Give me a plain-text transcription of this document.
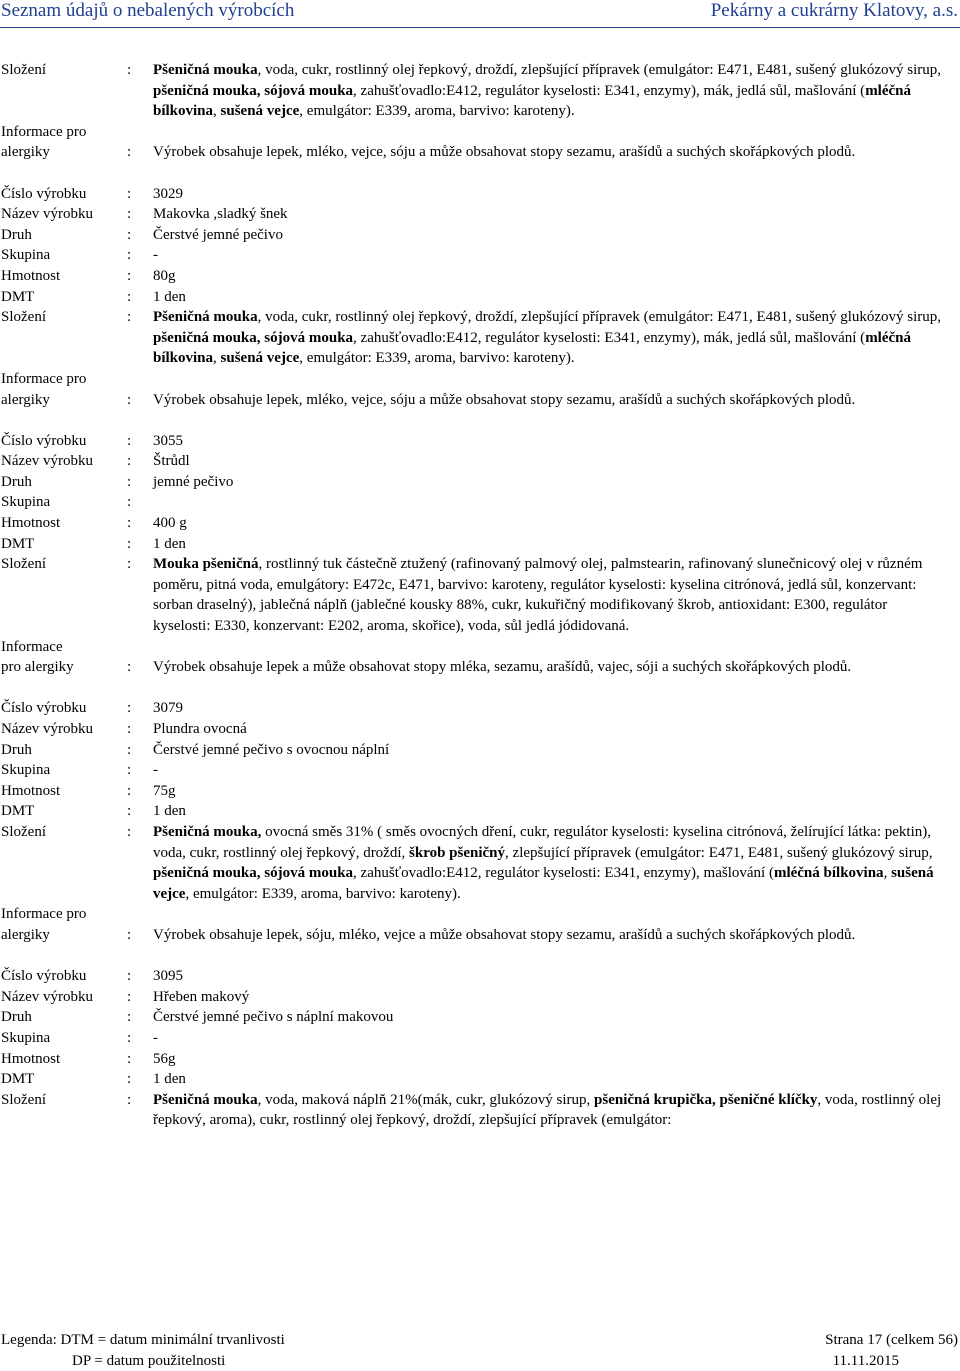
Seznam údajů o nebalených výrobcích	Pekárny a cukrárny Klatovy, a.s.
Složení	: Pšeničná mouka, voda, cukr, rostlinný olej řepkový, droždí, zlepšující přípravek (emulgátor: E471, E481, sušený glukózový sirup, pšeničná mouka, sójová mouka, zahušťovadlo:E412, regulátor kyselosti: E341, enzymy), mák, jedlá sůl, mašlování (mléčná bílkovina, sušená vejce, emulgátor: E339, aroma, barvivo: karoteny).
Informace pro
alergiky	: Výrobek obsahuje lepek, mléko, vejce, sóju a může obsahovat stopy sezamu, arašídů a suchých skořápkových plodů.
Číslo výrobku	: 3029
Název výrobku	: Makovka ,sladký šnek
Druh	: Čerstvé jemné pečivo
Skupina	: -
Hmotnost	: 80g
DMT	: 1 den
Složení	: Pšeničná mouka, voda, cukr, rostlinný olej řepkový, droždí, zlepšující přípravek (emulgátor: E471, E481, sušený glukózový sirup, pšeničná mouka, sójová mouka, zahušťovadlo:E412, regulátor kyselosti: E341, enzymy), mák, jedlá sůl, mašlování (mléčná bílkovina, sušená vejce, emulgátor: E339, aroma, barvivo: karoteny).
Informace pro
alergiky	: Výrobek obsahuje lepek, mléko, vejce, sóju a může obsahovat stopy sezamu, arašídů a suchých skořápkových plodů.
Číslo výrobku	: 3055
Název výrobku	: Štrůdl
Druh	: jemné pečivo
Skupina	:
Hmotnost	: 400 g
DMT	: 1 den
Složení	: Mouka pšeničná, rostlinný tuk částečně ztužený (rafinovaný palmový olej, palmstearin, rafinovaný slunečnicový olej v různém poměru, pitná voda, emulgátory: E472c, E471, barvivo: karoteny, regulátor kyselosti: kyselina citrónová, jedlá sůl, konzervant: sorban draselný), jablečná náplň (jablečné kousky 88%, cukr, kukuřičný modifikovaný škrob, antioxidant: E300, regulátor kyselosti: E330, konzervant: E202, aroma, skořice), voda, sůl jedlá jódidovaná.
Informace
pro alergiky	: Výrobek obsahuje lepek a může obsahovat stopy mléka, sezamu, arašídů, vajec, sóji a suchých skořápkových plodů.
Číslo výrobku	: 3079
Název výrobku	: Plundra ovocná
Druh	: Čerstvé jemné pečivo s ovocnou náplní
Skupina	: -
Hmotnost	: 75g
DMT	: 1 den
Složení	: Pšeničná mouka, ovocná směs 31% ( směs ovocných dření, cukr, regulátor kyselosti: kyselina citrónová, želírující látka: pektin), voda, cukr, rostlinný olej řepkový, droždí, škrob pšeničný, zlepšující přípravek (emulgátor: E471, E481, sušený glukózový sirup, pšeničná mouka, sójová mouka, zahušťovadlo:E412, regulátor kyselosti: E341, enzymy), mašlování (mléčná bílkovina, sušená vejce, emulgátor: E339, aroma, barvivo: karoteny).
Informace pro
alergiky	: Výrobek obsahuje lepek, sóju, mléko, vejce a může obsahovat stopy sezamu, arašídů a suchých skořápkových plodů.
Číslo výrobku	: 3095
Název výrobku	: Hřeben makový
Druh	: Čerstvé jemné pečivo s náplní makovou
Skupina	: -
Hmotnost	: 56g
DMT	: 1 den
Složení	: Pšeničná mouka, voda, maková náplň 21%(mák, cukr, glukózový sirup, pšeničná krupička, pšeničné klíčky, voda, rostlinný olej řepkový, aroma), cukr, rostlinný olej řepkový, droždí, zlepšující přípravek (emulgátor:
Legenda: DTM = datum minimální trvanlivosti
DP = datum použitelnosti
Strana 17 (celkem 56)
11.11.2015
